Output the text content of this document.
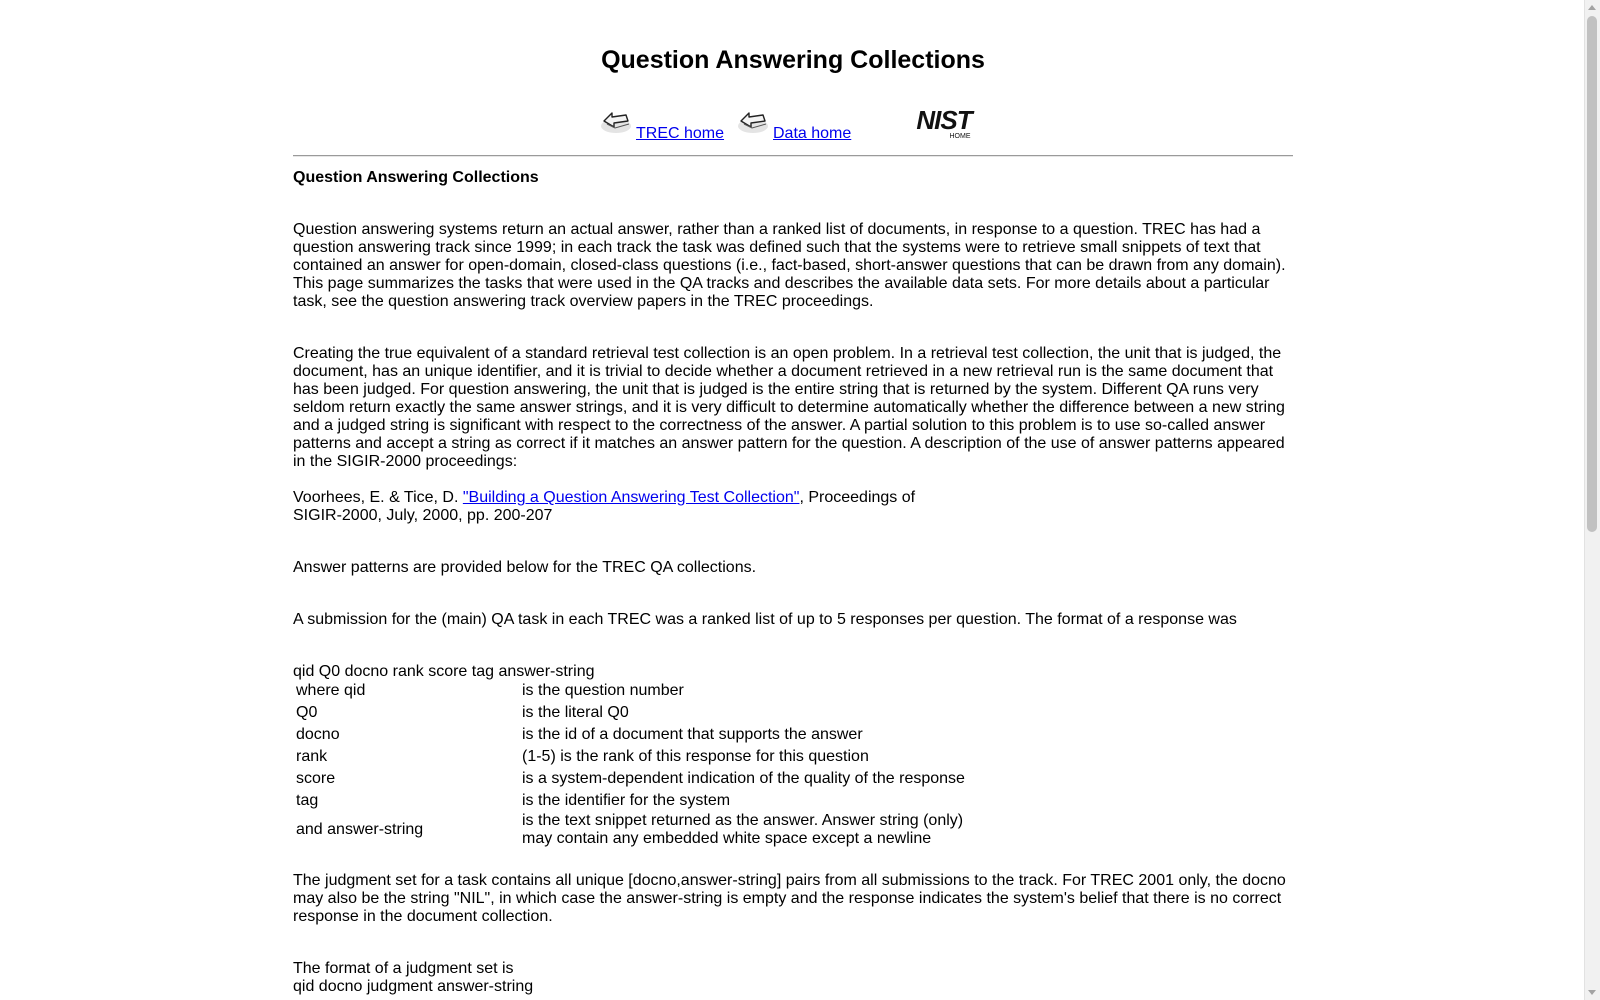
Question Answering Collections
TREC home	Data home	NIST
HOME
Question Answering Collections

Question answering systems return an actual answer, rather than a ranked list of documents, in response to a question. TREC has had a question answering track since 1999; in each track the task was defined such that the systems were to retrieve small snippets of text that contained an answer for open-domain, closed-class questions (i.e., fact-based, short-answer questions that can be drawn from any domain). This page summarizes the tasks that were used in the QA tracks and describes the available data sets. For more details about a particular task, see the question answering track overview papers in the TREC proceedings.

Creating the true equivalent of a standard retrieval test collection is an open problem. In a retrieval test collection, the unit that is judged, the document, has an unique identifier, and it is trivial to decide whether a document retrieved in a new retrieval run is the same document that has been judged. For question answering, the unit that is judged is the entire string that is returned by the system. Different QA runs very seldom return exactly the same answer strings, and it is very difficult to determine automatically whether the difference between a new string and a judged string is significant with respect to the correctness of the answer. A partial solution to this problem is to use so-called answer patterns and accept a string as correct if it matches an answer pattern for the question. A description of the use of answer patterns appeared in the SIGIR-2000 proceedings:

Voorhees, E. & Tice, D. "Building a Question Answering Test Collection", Proceedings of
SIGIR-2000, July, 2000, pp. 200-207

Answer patterns are provided below for the TREC QA collections.

A submission for the (main) QA task in each TREC was a ranked list of up to 5 responses per question. The format of a response was

qid Q0 docno rank score tag answer-string

where qid	is the question number
Q0	is the literal Q0
docno	is the id of a document that supports the answer
rank	(1-5) is the rank of this response for this question
score	is a system-dependent indication of the quality of the response
tag	is the identifier for the system
and answer-string	is the text snippet returned as the answer. Answer string (only)
may contain any embedded white space except a newline

The judgment set for a task contains all unique [docno,answer-string] pairs from all submissions to the track. For TREC 2001 only, the docno may also be the string "NIL", in which case the answer-string is empty and the response indicates the system's belief that there is no correct response in the document collection.

The format of a judgment set is
qid docno judgment answer-string
